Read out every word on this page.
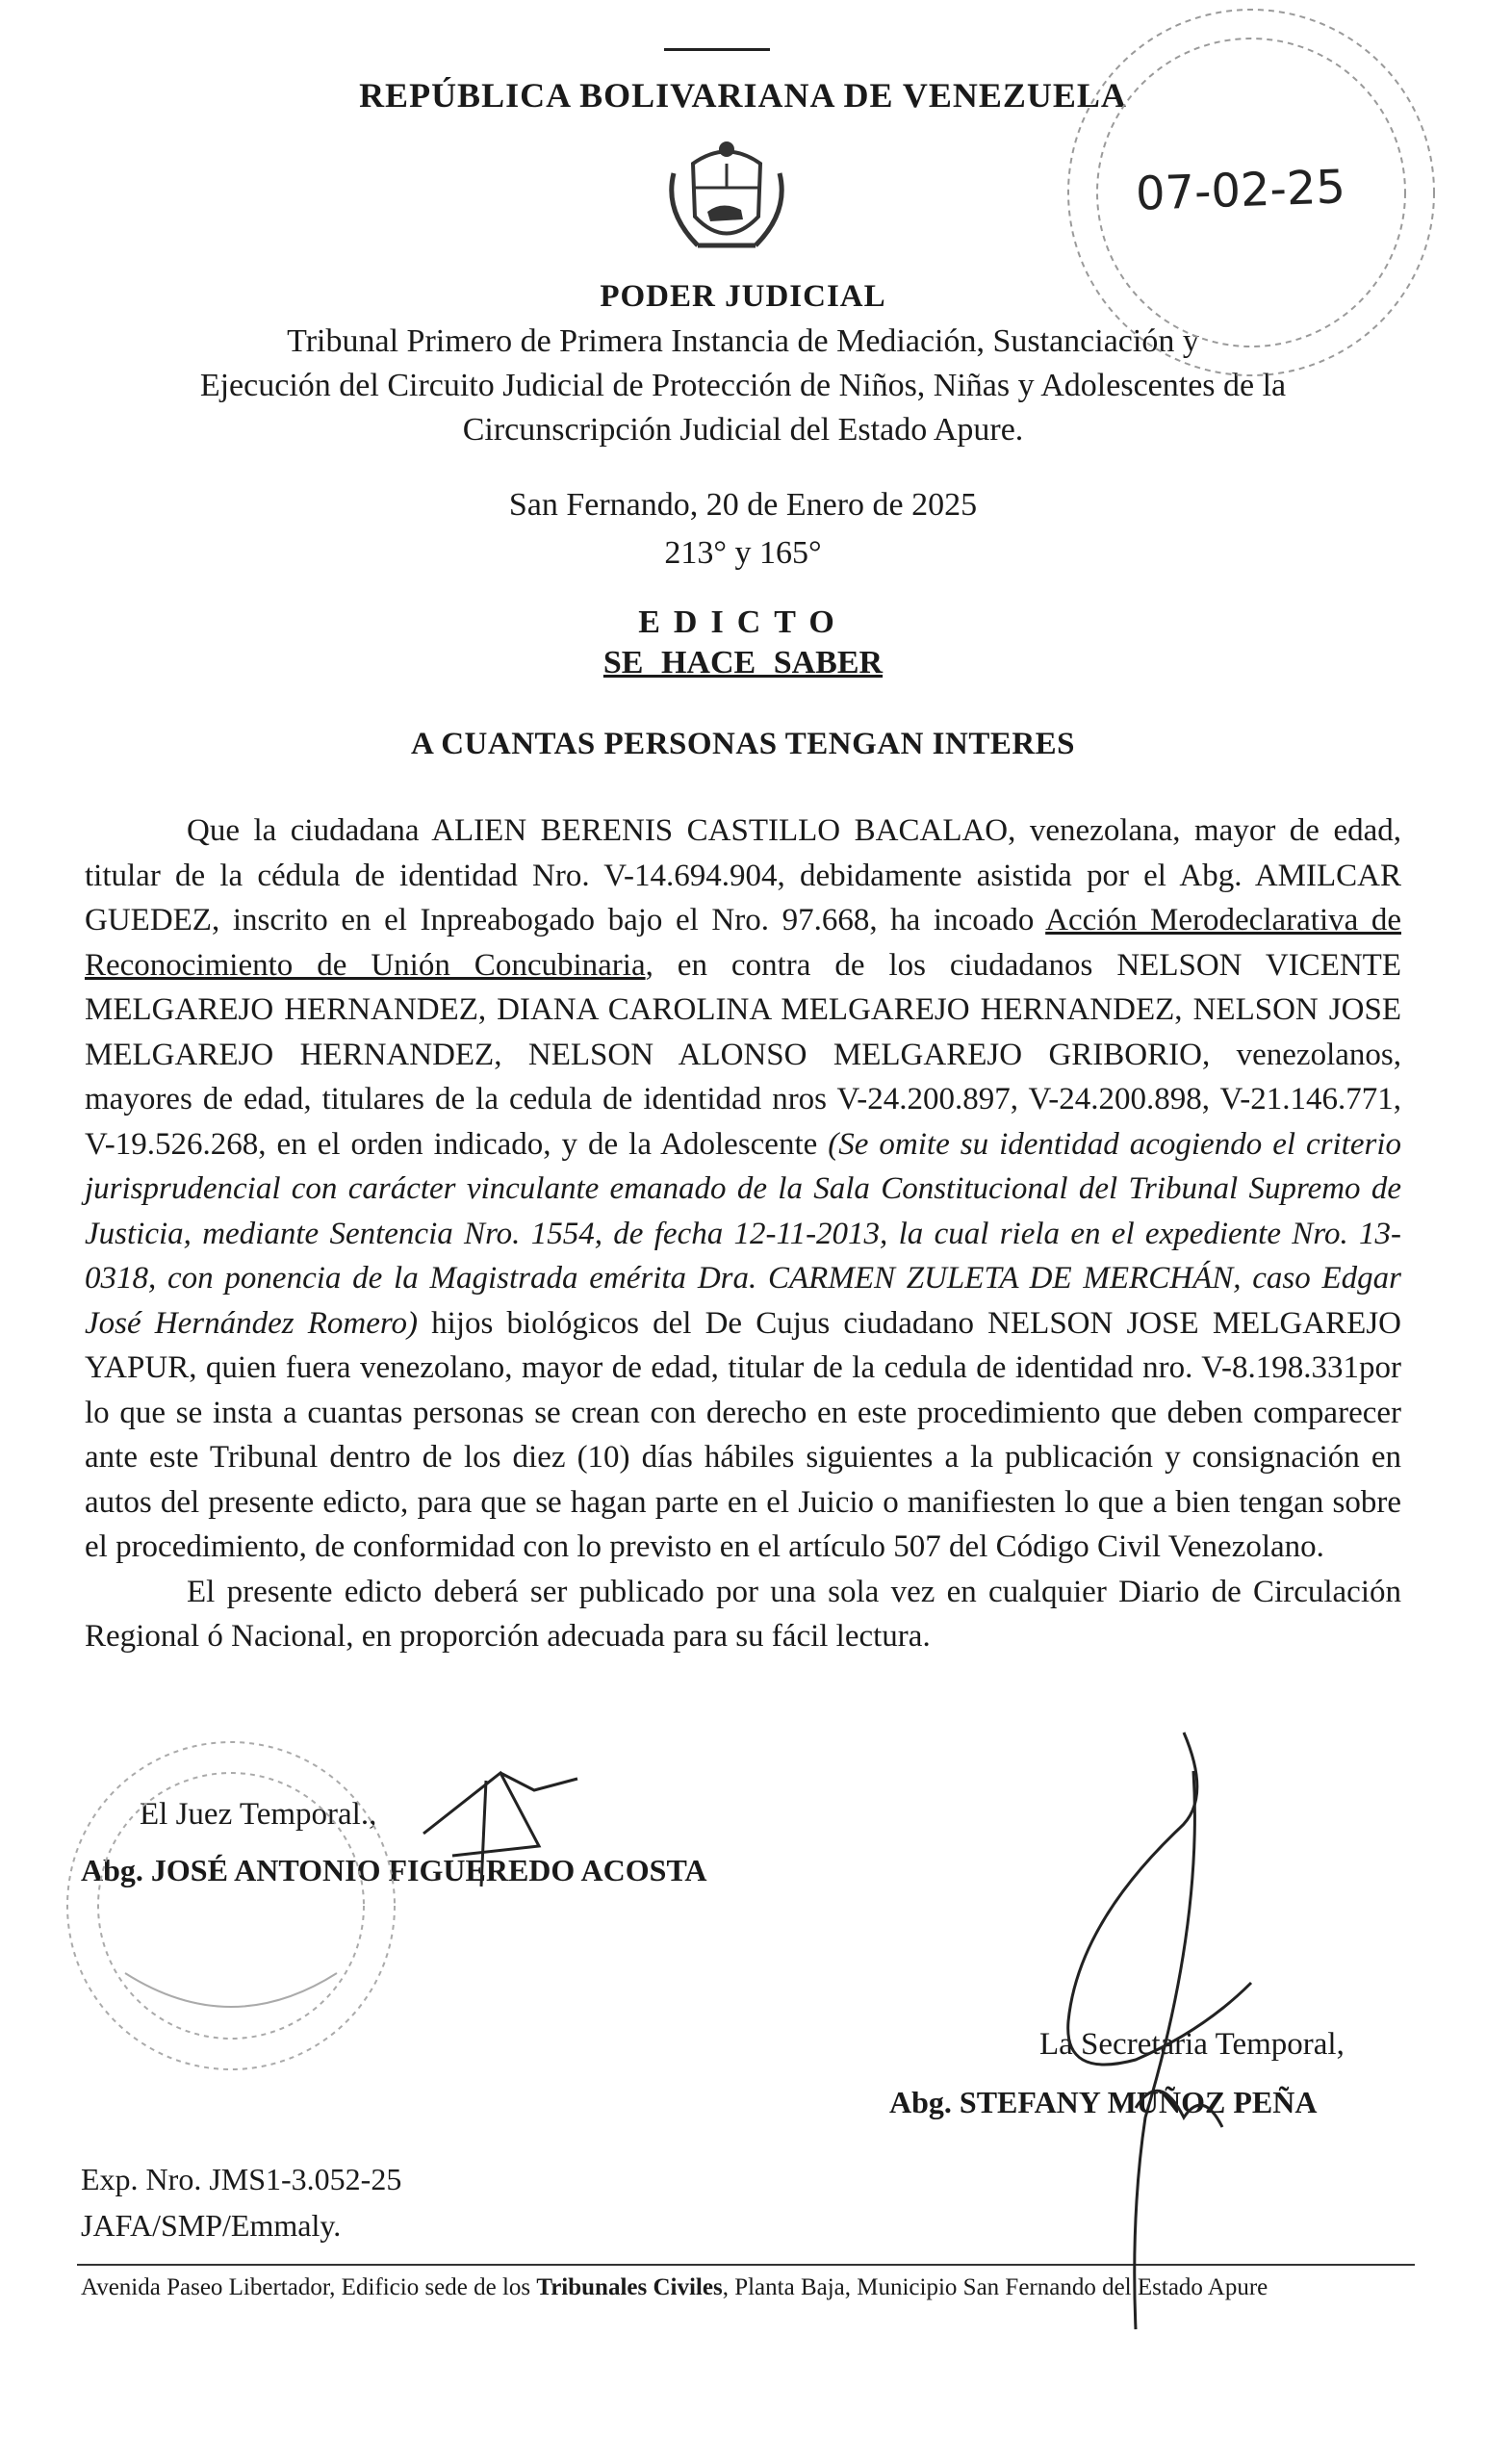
REPÚBLICA BOLIVARIANA DE VENEZUELA
PODER JUDICIAL
Tribunal Primero de Primera Instancia de Mediación, Sustanciación y
Ejecución del Circuito Judicial de Protección de Niños, Niñas y Adolescentes de la
Circunscripción Judicial del Estado Apure.
San Fernando, 20 de Enero de 2025
213° y 165°
EDICTO
SE HACE SABER
A CUANTAS PERSONAS TENGAN INTERES

Que la ciudadana ALIEN BERENIS CASTILLO BACALAO, venezolana, mayor de edad, titular de la cédula de identidad Nro. V-14.694.904, debidamente asistida por el Abg. AMILCAR GUEDEZ, inscrito en el Inpreabogado bajo el Nro. 97.668, ha incoado Acción Merodeclarativa de Reconocimiento de Unión Concubinaria, en contra de los ciudadanos NELSON VICENTE MELGAREJO HERNANDEZ, DIANA CAROLINA MELGAREJO HERNANDEZ, NELSON JOSE MELGAREJO HERNANDEZ, NELSON ALONSO MELGAREJO GRIBORIO, venezolanos, mayores de edad, titulares de la cedula de identidad nros V-24.200.897, V-24.200.898, V-21.146.771, V-19.526.268, en el orden indicado, y de la Adolescente (Se omite su identidad acogiendo el criterio jurisprudencial con carácter vinculante emanado de la Sala Constitucional del Tribunal Supremo de Justicia, mediante Sentencia Nro. 1554, de fecha 12-11-2013, la cual riela en el expediente Nro. 13-0318, con ponencia de la Magistrada emérita Dra. CARMEN ZULETA DE MERCHÁN, caso Edgar José Hernández Romero) hijos biológicos del De Cujus ciudadano NELSON JOSE MELGAREJO YAPUR, quien fuera venezolano, mayor de edad, titular de la cedula de identidad nro. V-8.198.331por lo que se insta a cuantas personas se crean con derecho en este procedimiento que deben comparecer ante este Tribunal dentro de los diez (10) días hábiles siguientes a la publicación y consignación en autos del presente edicto, para que se hagan parte en el Juicio o manifiesten lo que a bien tengan sobre el procedimiento, de conformidad con lo previsto en el artículo 507 del Código Civil Venezolano.

El presente edicto deberá ser publicado por una sola vez en cualquier Diario de Circulación Regional ó Nacional, en proporción adecuada para su fácil lectura.

El Juez Temporal.,
Abg. JOSÉ ANTONIO FIGUEREDO ACOSTA
La Secretaria Temporal,
Abg. STEFANY MUÑOZ PEÑA
Exp. Nro. JMS1-3.052-25
JAFA/SMP/Emmaly.
Avenida Paseo Libertador, Edificio sede de los Tribunales Civiles, Planta Baja, Municipio San Fernando del Estado Apure
07-02-25
